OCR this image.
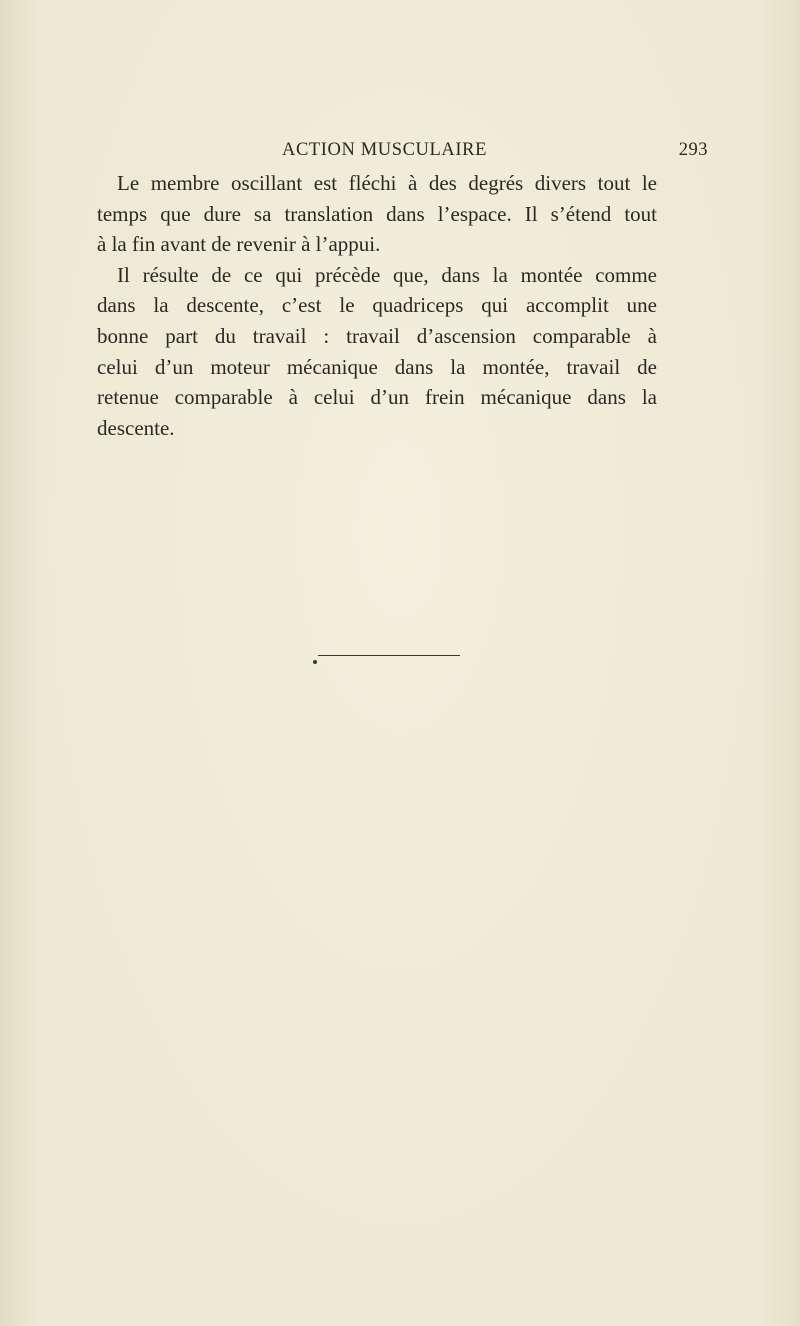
ACTION MUSCULAIRE	293
Le membre oscillant est fléchi à des degrés divers tout le
temps que dure sa translation dans l’espace. Il s’étend tout
à la fin avant de revenir à l’appui.
Il résulte de ce qui précède que, dans la montée comme
dans la descente, c’est le quadriceps qui accomplit une
bonne part du travail : travail d’ascension comparable à
celui d’un moteur mécanique dans la montée, travail de
retenue comparable à celui d’un frein mécanique dans la
descente.
